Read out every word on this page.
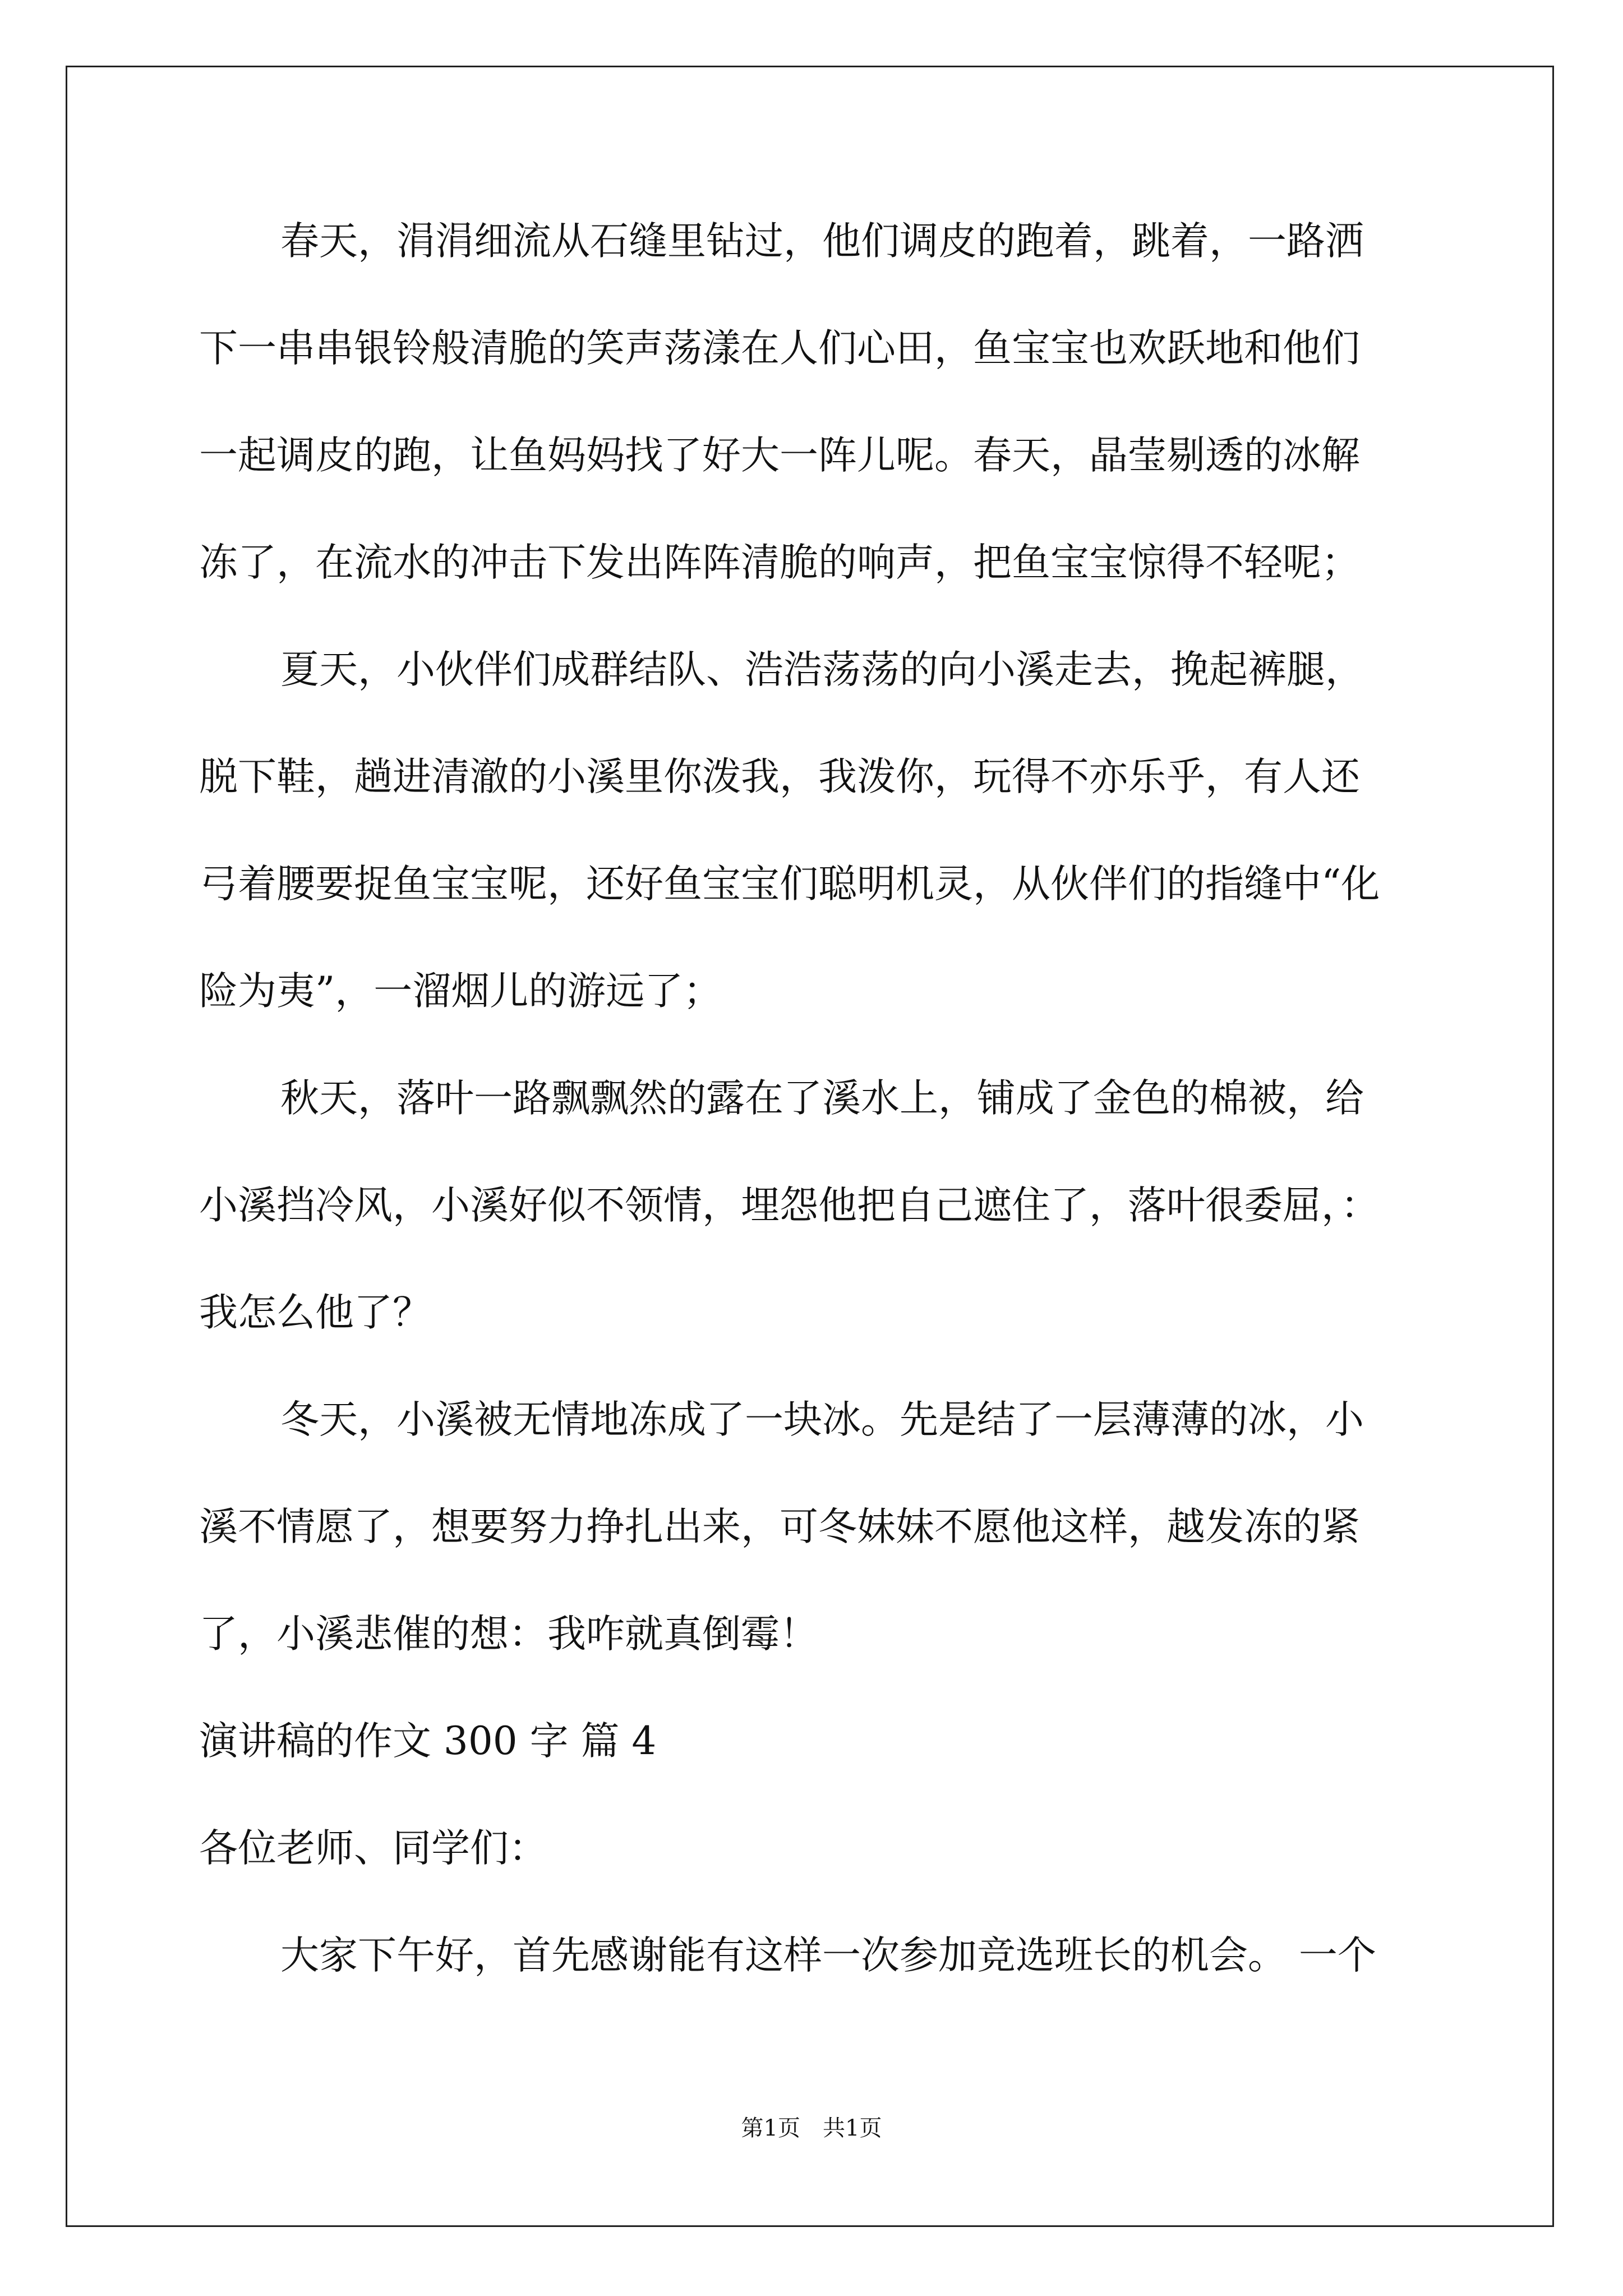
春天，涓涓细流从石缝里钻过，他们调皮的跑着，跳着，一路洒
下一串串银铃般清脆的笑声荡漾在人们心田，鱼宝宝也欢跃地和他们
一起调皮的跑，让鱼妈妈找了好大一阵儿呢。春天，晶莹剔透的冰解
冻了，在流水的冲击下发出阵阵清脆的响声，把鱼宝宝惊得不轻呢；
夏天，小伙伴们成群结队、浩浩荡荡的向小溪走去，挽起裤腿，
脱下鞋，趟进清澈的小溪里你泼我，我泼你，玩得不亦乐乎，有人还
弓着腰要捉鱼宝宝呢，还好鱼宝宝们聪明机灵，从伙伴们的指缝中“化
险为夷”，一溜烟儿的游远了；
秋天，落叶一路飘飘然的露在了溪水上，铺成了金色的棉被，给
小溪挡冷风，小溪好似不领情，埋怨他把自己遮住了，落叶很委屈，：
我怎么他了？
冬天，小溪被无情地冻成了一块冰。先是结了一层薄薄的冰，小
溪不情愿了，想要努力挣扎出来，可冬妹妹不愿他这样，越发冻的紧
了，小溪悲催的想：我咋就真倒霉！
演讲稿的作文 300 字 篇 4
各位老师、同学们：
大家下午好，首先感谢能有这样一次参加竞选班长的机会。 一个
第1页 共1页
